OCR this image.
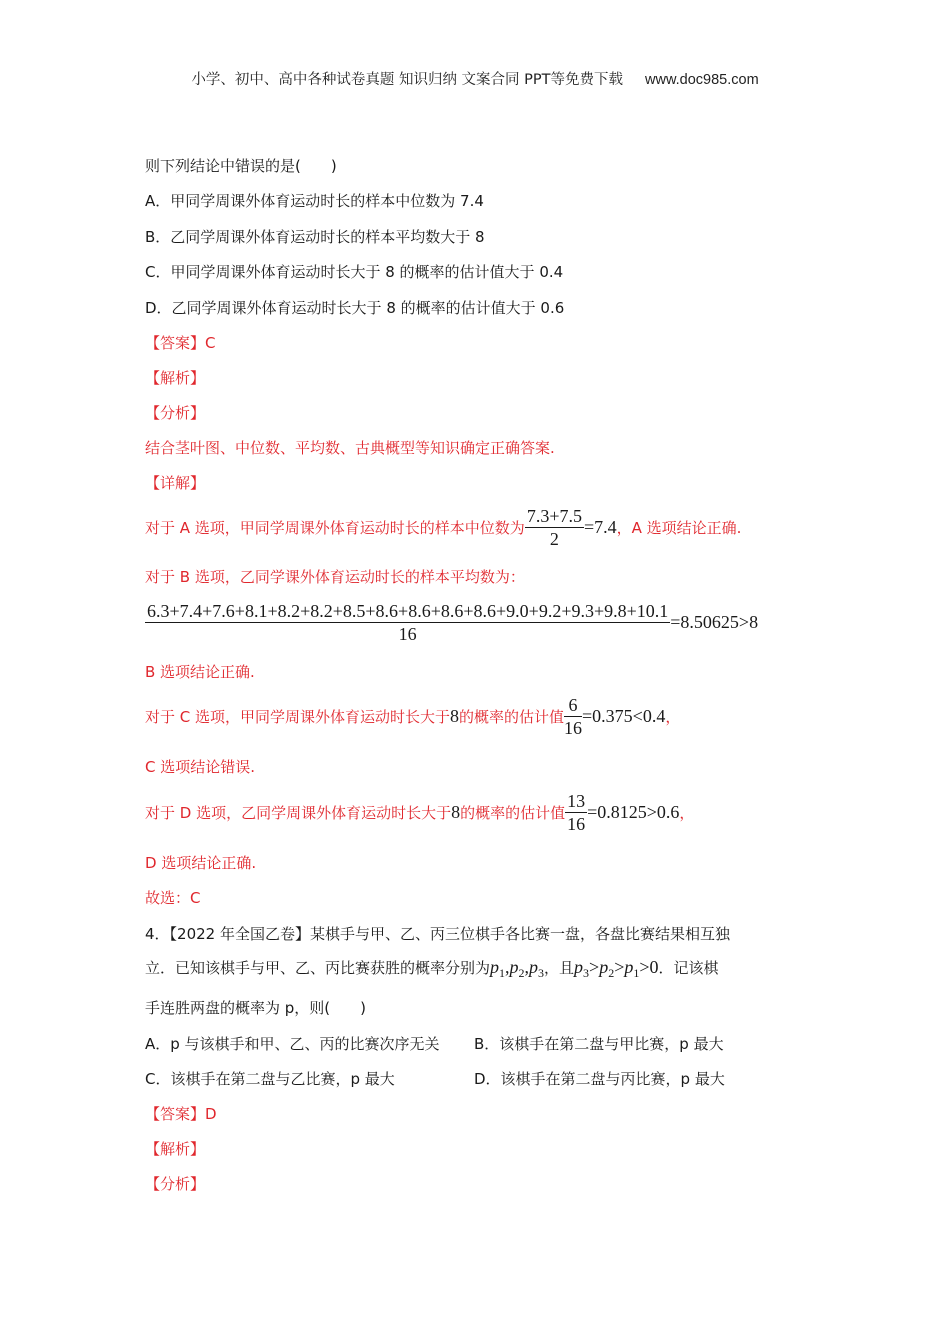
小学、初中、高中各种试卷真题 知识归纳 文案合同 PPT等免费下载 www.doc985.com
则下列结论中错误的是(　　)
A．甲同学周课外体育运动时长的样本中位数为 7.4
B．乙同学周课外体育运动时长的样本平均数大于 8
C．甲同学周课外体育运动时长大于 8 的概率的估计值大于 0.4
D．乙同学周课外体育运动时长大于 8 的概率的估计值大于 0.6
【答案】C
【解析】
【分析】
结合茎叶图、中位数、平均数、古典概型等知识确定正确答案.
【详解】
对于 A 选项，甲同学周课外体育运动时长的样本中位数为 $\frac{7.3+7.5}{2} =7.4$，A 选项结论正确.
对于 B 选项，乙同学课外体育运动时长的样本平均数为：
6.3+7.4+7.6+8.1+8.2+8.2+8.5+8.6+8.6+8.6+8.6+9.0+9.2+9.3+9.8+10.1
16
=8.50625>8
B 选项结论正确.
对于 C 选项，甲同学周课外体育运动时长大于8的概率的估计值 $\frac{6}{16} =0.375<0.4$，
C 选项结论错误.
对于 D 选项，乙同学周课外体育运动时长大于8的概率的估计值 $\frac{13}{16} =0.8125>0.6$，
D 选项结论正确.
故选：C
4．【2022 年全国乙卷】某棋手与甲、乙、丙三位棋手各比赛一盘，各盘比赛结果相互独
立．已知该棋手与甲、乙、丙比赛获胜的概率分别为$p_1,p_2,p_3$，且$p_3>p_2>p_1>0$．记该棋
手连胜两盘的概率为 p，则(　　)
A．p 与该棋手和甲、乙、丙的比赛次序无关 B．该棋手在第二盘与甲比赛，p 最大
C．该棋手在第二盘与乙比赛，p 最大	D．该棋手在第二盘与丙比赛，p 最大
【答案】D
【解析】
【分析】
